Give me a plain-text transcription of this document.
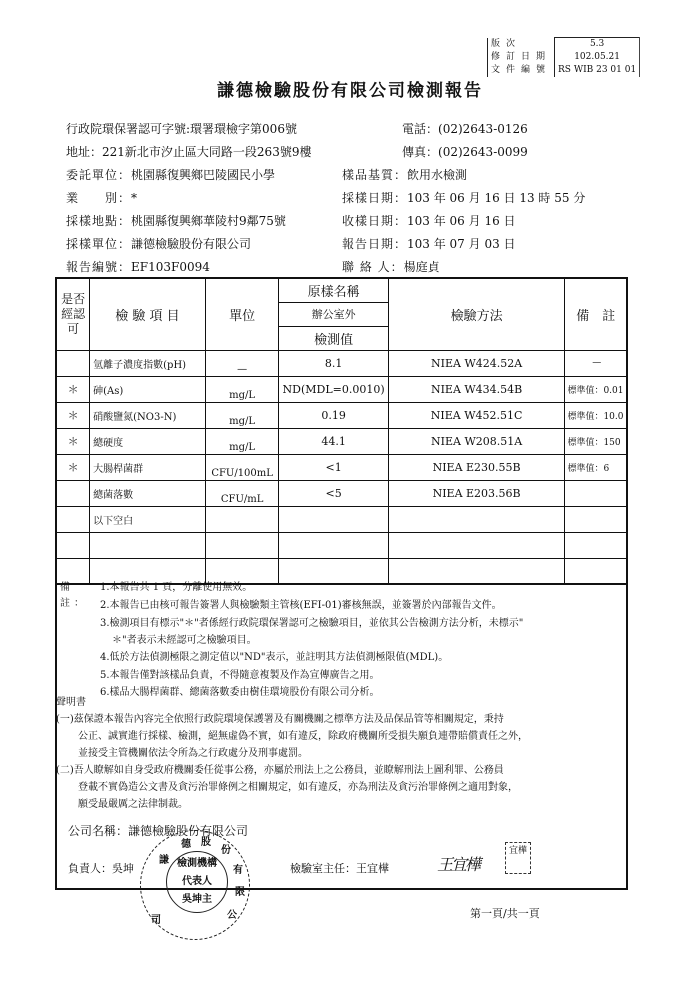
版次	5.3
修訂日期	102.05.21
文件編號	RS WIB 23 01 01
謙德檢驗股份有限公司檢測報告
行政院環保署認可字號:環署環檢字第006號	電話：(02)2643-0126
地址：221新北市汐止區大同路一段263號9樓	傳真：(02)2643-0099
委託單位：桃園縣復興鄉巴陵國民小學	樣品基質：飲用水檢測
業　　別：*	採樣日期：103 年 06 月 16 日 13 時 55 分
採樣地點：桃園縣復興鄉華陵村9鄰75號	收樣日期：103 年 06 月 16 日
採樣單位：謙德檢驗股份有限公司	報告日期：103 年 07 月 03 日
報告編號：EF103F0094	聯 絡 人：楊庭貞
是否經認可	檢 驗 項 目	單位	原樣名稱	檢驗方法	備　註
			辦公室外		
			檢測值		
	氫離子濃度指數(pH)	—	8.1	NIEA W424.52A	—
＊	砷(As)	mg/L	ND(MDL=0.0010)	NIEA W434.54B	標準值：0.01
＊	硝酸鹽氮(NO3-N)	mg/L	0.19	NIEA W452.51C	標準值：10.0
＊	總硬度	mg/L	44.1	NIEA W208.51A	標準值：150
＊	大腸桿菌群	CFU/100mL	<1	NIEA E230.55B	標準值：6
	總菌落數	CFU/mL	<5	NIEA E203.56B	
	以下空白				

備 註：
1.本報告共 1 頁，分離使用無效。
2.本報告已由核可報告簽署人與檢驗類主管核(EFI-01)審核無誤，並簽署於內部報告文件。
3.檢測項目有標示"＊"者係經行政院環保署認可之檢驗項目，並依其公告檢測方法分析，未標示"
＊"者表示未經認可之檢驗項目。
4.低於方法偵測極限之測定值以"ND"表示，並註明其方法偵測極限值(MDL)。
5.本報告僅對該樣品負責，不得隨意複製及作為宣傳廣告之用。
6.樣品大腸桿菌群、總菌落數委由樹佳環境股份有限公司分析。
聲明書
(一)茲保證本報告內容完全依照行政院環境保護署及有關機關之標準方法及品保品管等相關規定，秉持
公正、誠實進行採樣、檢測，絕無虛偽不實，如有違反，除政府機關所受損失願負連帶賠償責任之外，
並接受主管機關依法令所為之行政處分及刑事處罰。
(二)吾人瞭解如自身受政府機關委任從事公務，亦屬於刑法上之公務員，並瞭解刑法上圖利罪、公務員
登載不實偽造公文書及貪污治罪條例之相關規定，如有違反，亦為刑法及貪污治罪條例之適用對象，
願受最嚴厲之法律制裁。
公司名稱：謙德檢驗股份有限公司
負責人：吳坤	檢驗室主任：王宜樺
謙
德 股
份
有
限
公
司
檢測機構
代表人
吳坤主
王宜樺
宜樺
第一頁/共一頁
